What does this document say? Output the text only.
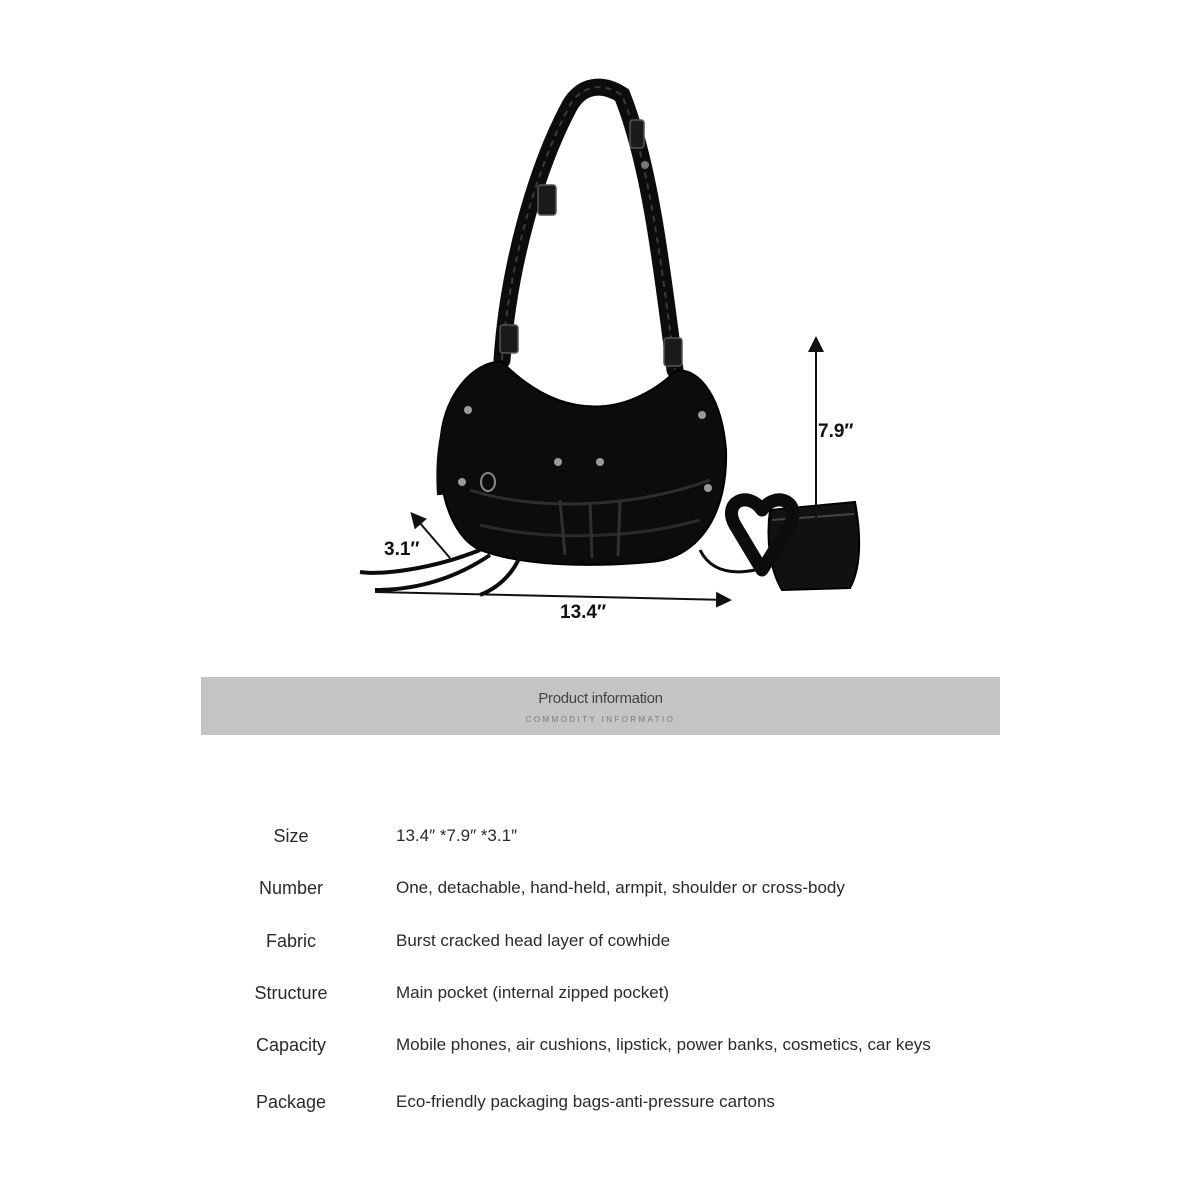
13.4″
7.9″
3.1″
Product information
COMMODITY INFORMATIO
Size	13.4″ *7.9″ *3.1″
Number	One, detachable, hand-held, armpit, shoulder or cross-body
Fabric	Burst cracked head layer of cowhide
Structure	Main pocket (internal zipped pocket)
Capacity	Mobile phones, air cushions, lipstick, power banks, cosmetics, car keys
Package	Eco-friendly packaging bags-anti-pressure cartons
